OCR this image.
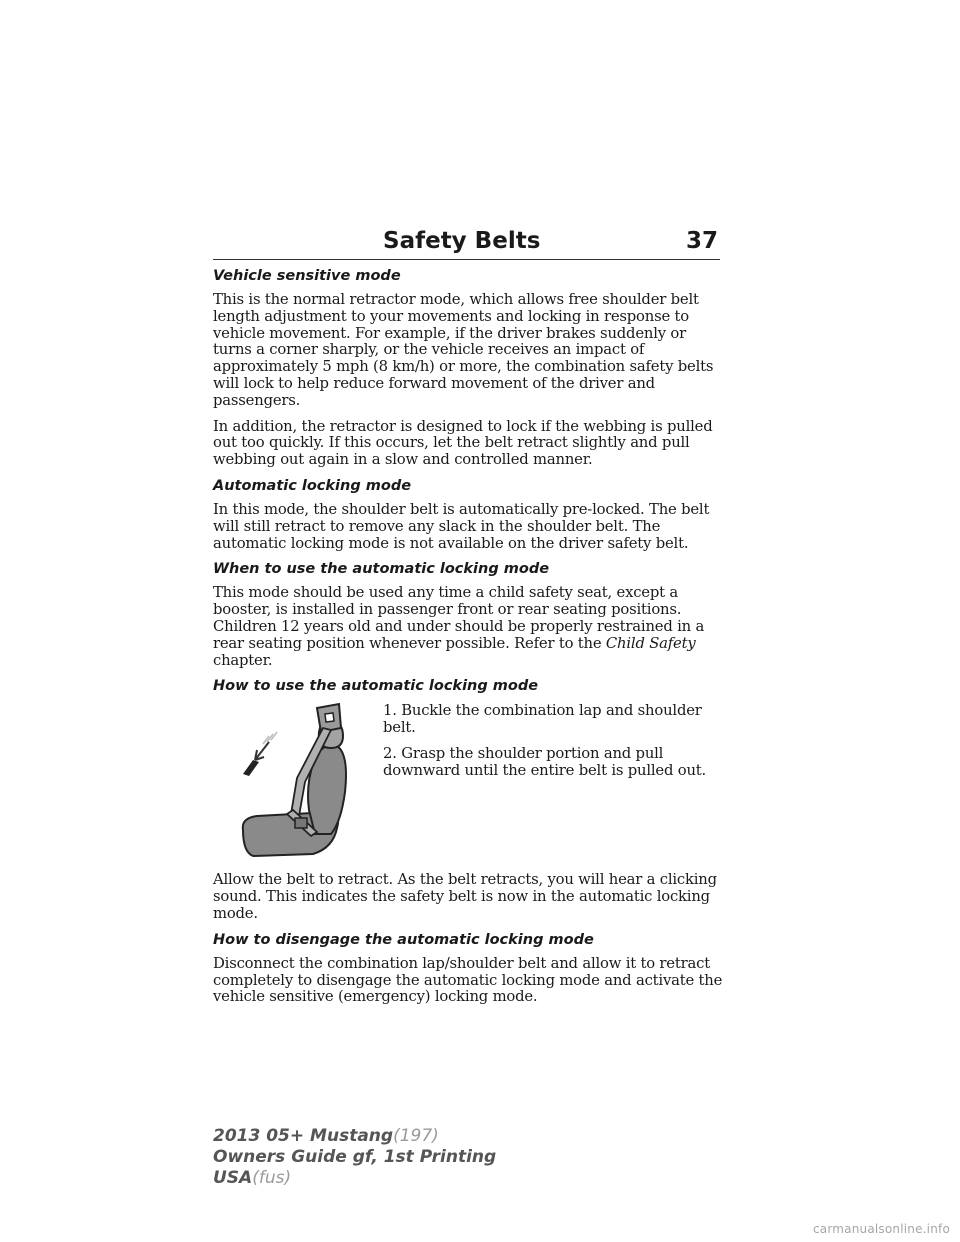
Safety Belts	37
Vehicle sensitive mode

This is the normal retractor mode, which allows free shoulder belt length adjustment to your movements and locking in response to vehicle movement. For example, if the driver brakes suddenly or turns a corner sharply, or the vehicle receives an impact of approximately 5 mph (8 km/h) or more, the combination safety belts will lock to help reduce forward movement of the driver and passengers.

In addition, the retractor is designed to lock if the webbing is pulled out too quickly. If this occurs, let the belt retract slightly and pull webbing out again in a slow and controlled manner.

Automatic locking mode

In this mode, the shoulder belt is automatically pre-locked. The belt will still retract to remove any slack in the shoulder belt. The automatic locking mode is not available on the driver safety belt.

When to use the automatic locking mode

This mode should be used any time a child safety seat, except a booster, is installed in passenger front or rear seating positions. Children 12 years old and under should be properly restrained in a rear seating position whenever possible. Refer to the Child Safety chapter.

How to use the automatic locking mode

1. Buckle the combination lap and shoulder belt.

2. Grasp the shoulder portion and pull downward until the entire belt is pulled out.

Allow the belt to retract. As the belt retracts, you will hear a clicking sound. This indicates the safety belt is now in the automatic locking mode.

How to disengage the automatic locking mode

Disconnect the combination lap/shoulder belt and allow it to retract completely to disengage the automatic locking mode and activate the vehicle sensitive (emergency) locking mode.

2013 05+ Mustang(197)
Owners Guide gf, 1st Printing
USA(fus)
carmanualsonline.info
